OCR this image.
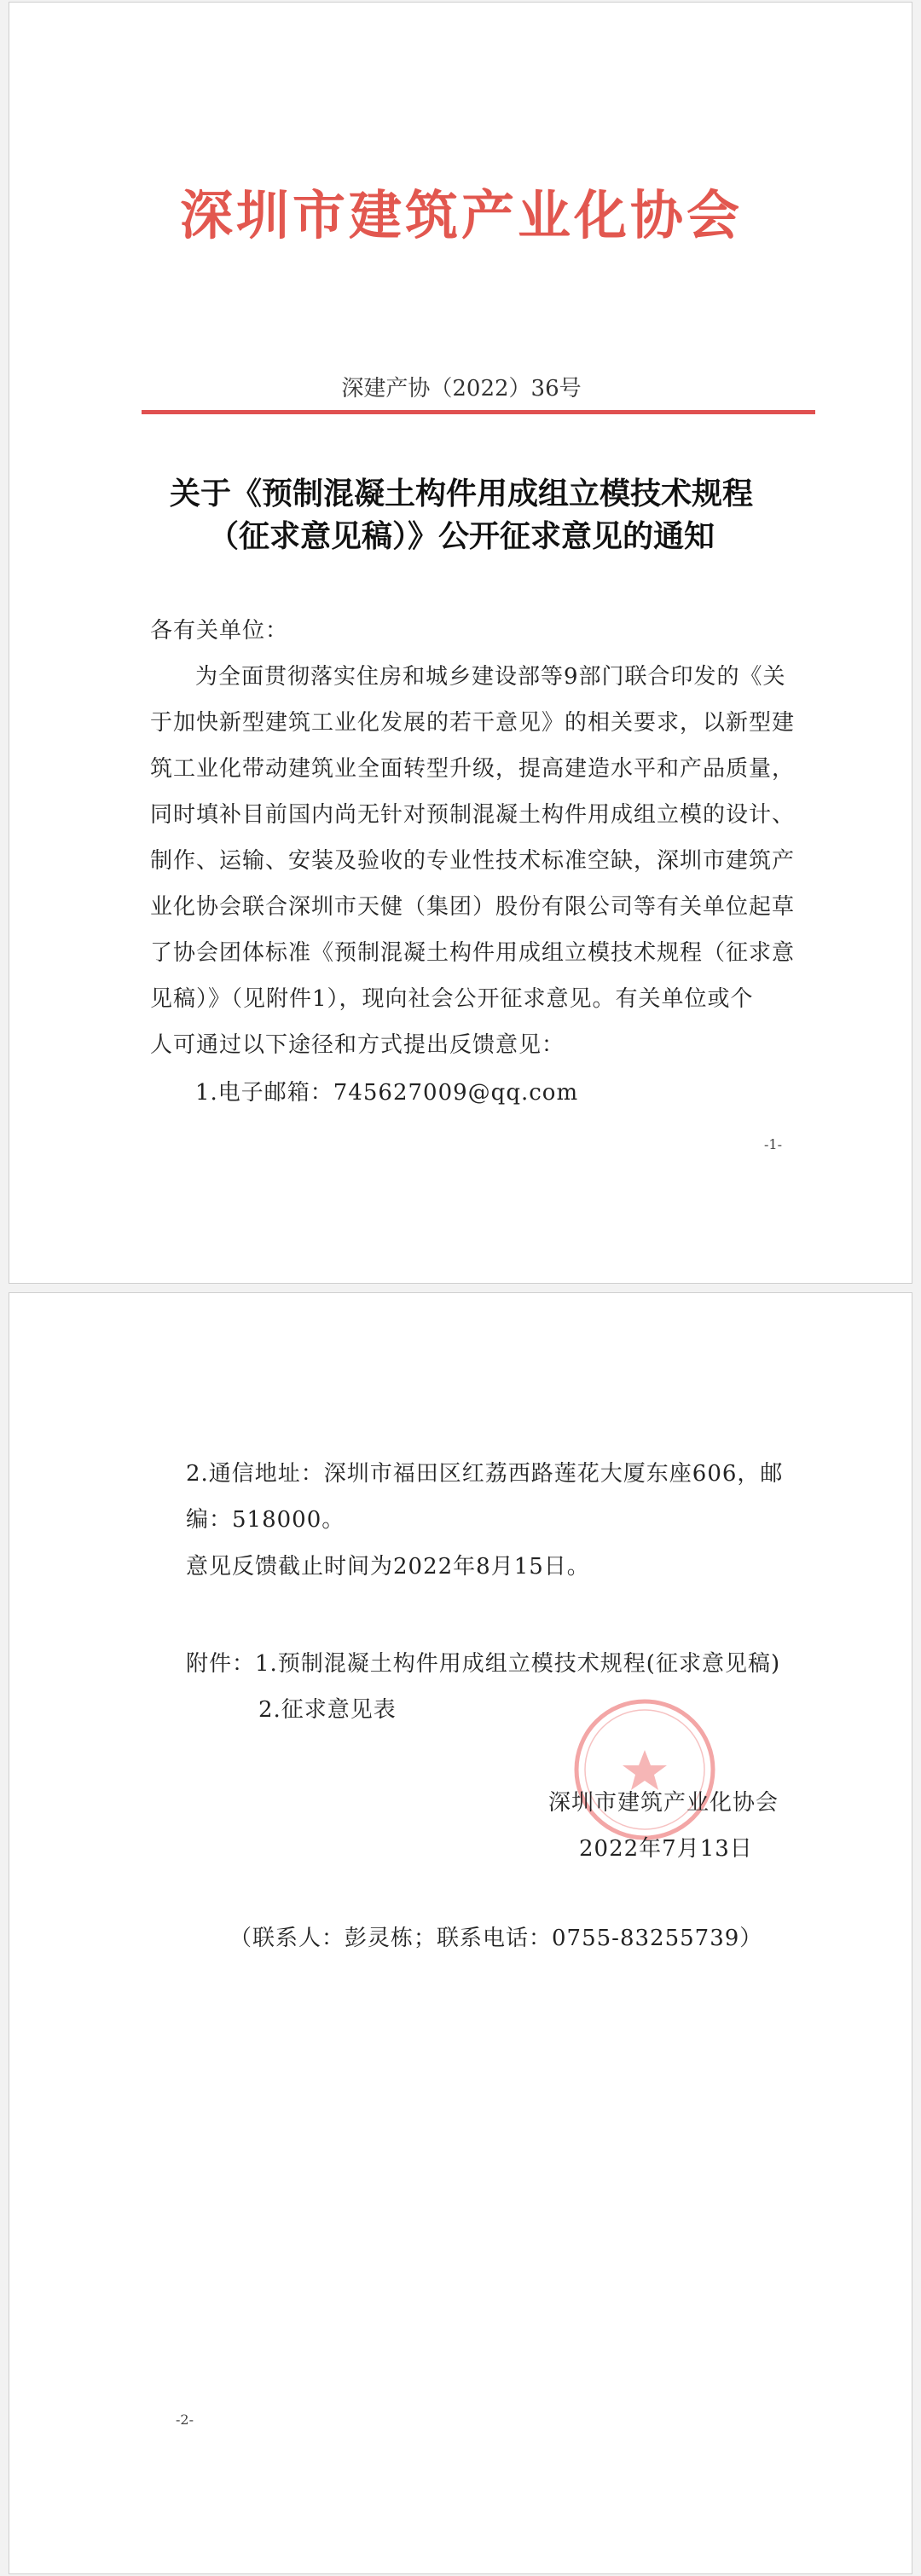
深圳市建筑产业化协会

深建产协（2022）36号

关于《预制混凝土构件用成组立模技术规程

（征求意见稿）》公开征求意见的通知

各有关单位：

为全面贯彻落实住房和城乡建设部等9部门联合印发的《关

于加快新型建筑工业化发展的若干意见》的相关要求，以新型建

筑工业化带动建筑业全面转型升级，提高建造水平和产品质量，

同时填补目前国内尚无针对预制混凝土构件用成组立模的设计、

制作、运输、安装及验收的专业性技术标准空缺，深圳市建筑产

业化协会联合深圳市天健（集团）股份有限公司等有关单位起草

了协会团体标准《预制混凝土构件用成组立模技术规程（征求意

见稿）》（见附件1），现向社会公开征求意见。有关单位或个

人可通过以下途径和方式提出反馈意见：

1.电子邮箱：745627009@qq.com

-1-

2.通信地址：深圳市福田区红荔西路莲花大厦东座606，邮

编：518000。

意见反馈截止时间为2022年8月15日。

附件：1.预制混凝土构件用成组立模技术规程(征求意见稿)

2.征求意见表

深圳市建筑产业化协会

2022年7月13日

（联系人：彭灵栋；联系电话：0755-83255739）

-2-
